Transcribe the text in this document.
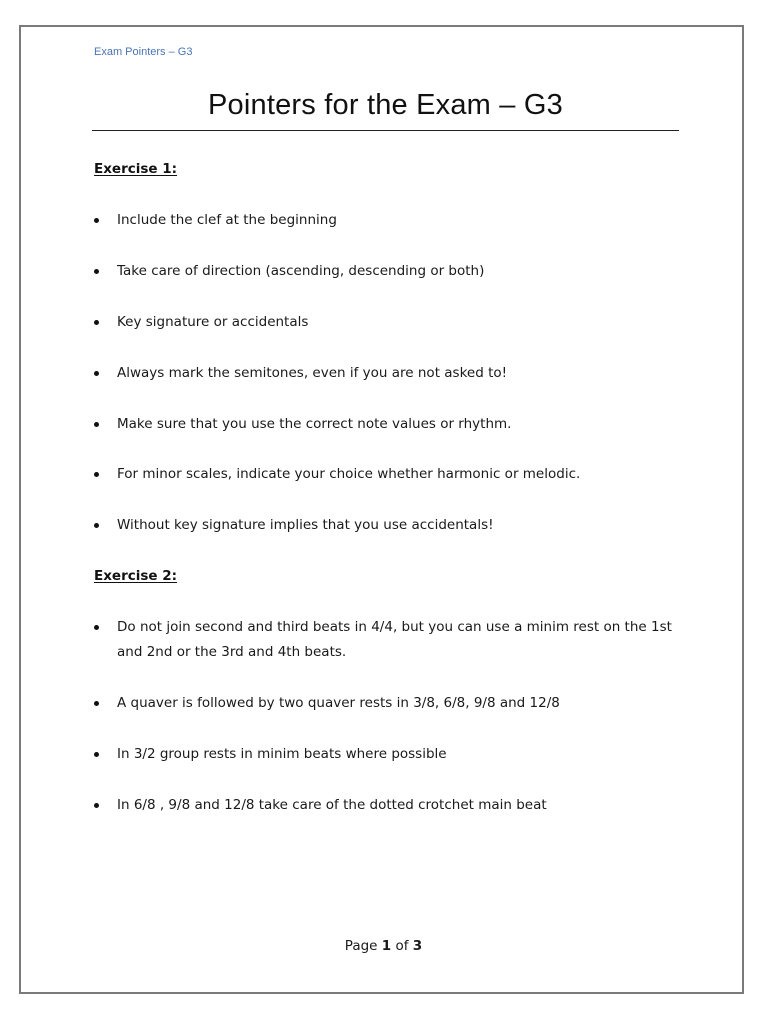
Exam Pointers – G3
Pointers for the Exam – G3
Exercise 1:
Include the clef at the beginning
Take care of direction (ascending, descending or both)
Key signature or accidentals
Always mark the semitones, even if you are not asked to!
Make sure that you use the correct note values or rhythm.
For minor scales, indicate your choice whether harmonic or melodic.
Without key signature implies that you use accidentals!
Exercise 2:
Do not join second and third beats in 4/4, but you can use a minim rest on the 1st and 2nd or the 3rd and 4th beats.
A quaver is followed by two quaver rests in 3/8, 6/8, 9/8 and 12/8
In 3/2 group rests in minim beats where possible
In 6/8 , 9/8 and 12/8 take care of the dotted crotchet main beat
Page 1 of 3
